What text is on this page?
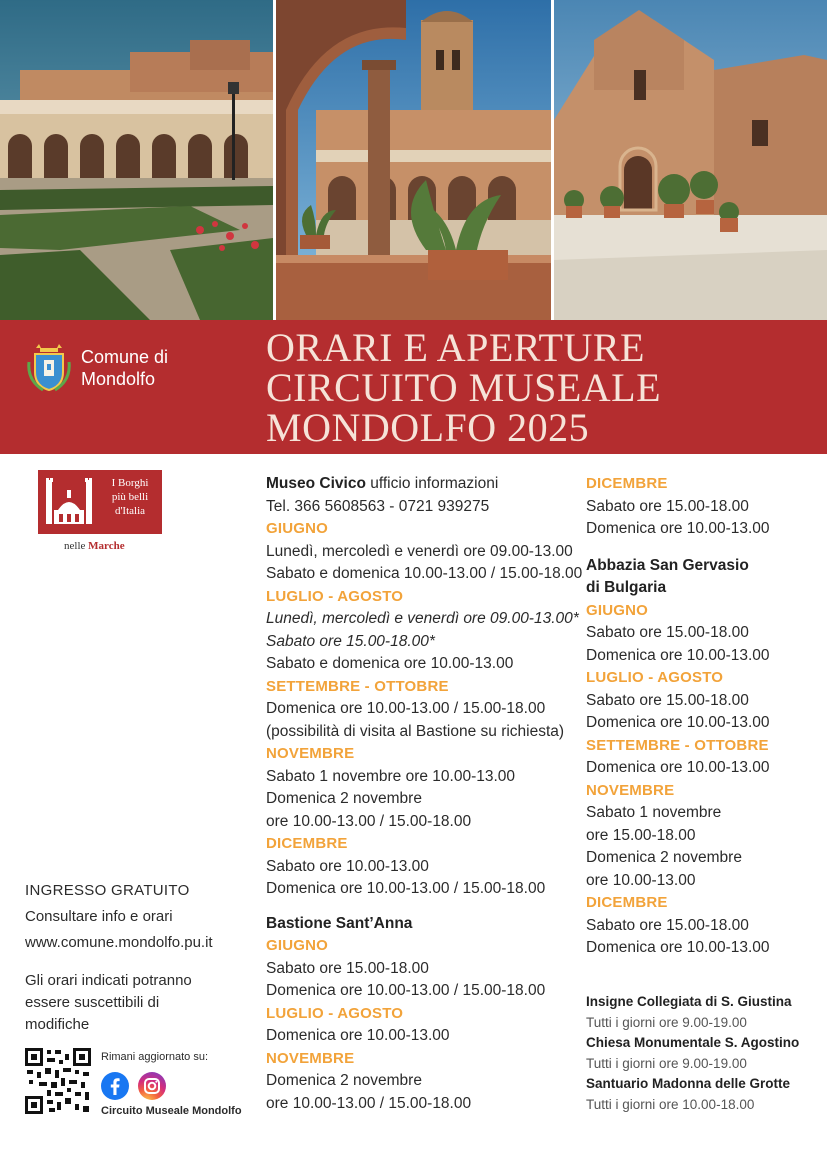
Comune di
Mondolfo
ORARI E APERTURE
CIRCUITO MUSEALE
MONDOLFO 2025
I Borghi
più belli
d'Italia
nelle Marche
INGRESSO GRATUITO
Consultare info e orari
www.comune.mondolfo.pu.it
Gli orari indicati potranno
essere suscettibili di
modifiche
Rimani aggiornato su:
Circuito Museale Mondolfo
Museo Civico ufficio informazioni
Tel. 366 5608563 - 0721 939275
GIUGNO
Lunedì, mercoledì e venerdì ore 09.00-13.00
Sabato e domenica 10.00-13.00 / 15.00-18.00
LUGLIO - AGOSTO
Lunedì, mercoledì e venerdì ore 09.00-13.00*
Sabato ore 15.00-18.00*
Sabato e domenica ore 10.00-13.00
SETTEMBRE - OTTOBRE
Domenica ore 10.00-13.00 / 15.00-18.00
(possibilità di visita al Bastione su richiesta)
NOVEMBRE
Sabato 1 novembre ore 10.00-13.00
Domenica 2 novembre
ore 10.00-13.00 / 15.00-18.00
DICEMBRE
Sabato ore 10.00-13.00
Domenica ore 10.00-13.00 / 15.00-18.00
Bastione Sant’Anna
GIUGNO
Sabato ore 15.00-18.00
Domenica ore 10.00-13.00 / 15.00-18.00
LUGLIO - AGOSTO
Domenica ore 10.00-13.00
NOVEMBRE
Domenica 2 novembre
ore 10.00-13.00 / 15.00-18.00
DICEMBRE
Sabato ore 15.00-18.00
Domenica ore 10.00-13.00
Abbazia San Gervasio
di Bulgaria
GIUGNO
Sabato ore 15.00-18.00
Domenica ore 10.00-13.00
LUGLIO - AGOSTO
Sabato ore 15.00-18.00
Domenica ore 10.00-13.00
SETTEMBRE - OTTOBRE
Domenica ore 10.00-13.00
NOVEMBRE
Sabato 1 novembre
ore 15.00-18.00
Domenica 2 novembre
ore 10.00-13.00
DICEMBRE
Sabato ore 15.00-18.00
Domenica ore 10.00-13.00
Insigne Collegiata di S. Giustina
Tutti i giorni ore 9.00-19.00
Chiesa Monumentale S. Agostino
Tutti i giorni ore 9.00-19.00
Santuario Madonna delle Grotte
Tutti i giorni ore 10.00-18.00
